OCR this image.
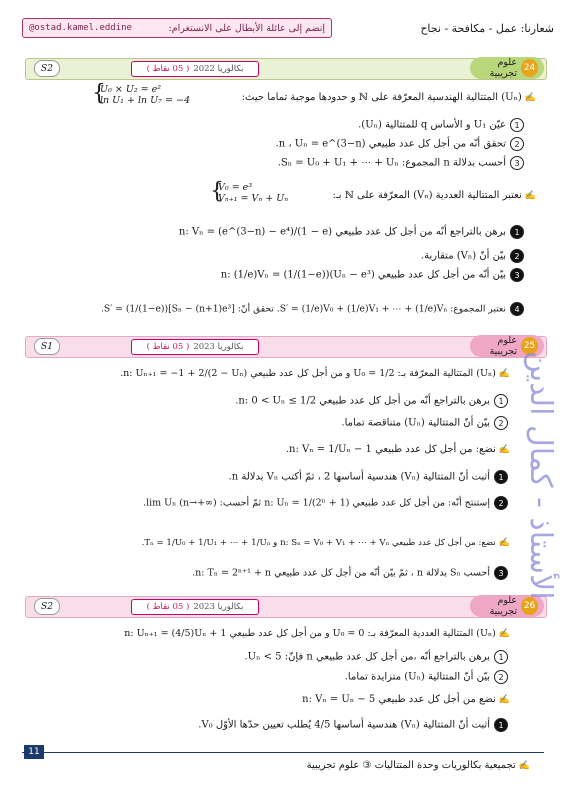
شعارنا: عمل - مكافحة - نجاح
@ostad.kamel.eddine	إنضم إلى عائلة الأبطال على الانستغرام:
24
علوم تجريبية
بكالوريا 2022
( 05 نقاط )
S2
✍(Uₙ) المتتالية الهندسية المعرّفة على ℕ و حدودها موجبة تماما حيث:
{
U₀ × U₂ = e²
ln U₁ + ln U₇ = −4
1عيّن U₁ و الأساس q للمتتالية (Uₙ).
2تحقق أنّه من أجل كل عدد طبيعي n ، Uₙ = e^(3−n).
3أحسب بدلالة n المجموع: Sₙ = U₀ + U₁ + ⋯ + Uₙ.
✍نعتبر المتتالية العددية (Vₙ) المعرّفة على ℕ بـ:
{
V₀ = e³
Vₙ₊₁ = Vₙ + Uₙ
1برهن بالتراجع أنّه من أجل كل عدد طبيعي n: Vₙ = (e^(3−n) − e⁴)/(1 − e)
2بيّن أنّ (Vₙ) متقاربة.
3بيّن أنّه من أجل كل عدد طبيعي n: (1/e)Vₙ = (1/(1−e))(Uₙ − e³)
4نعتبر المجموع: S′ = (1/e)V₀ + (1/e)V₁ + ⋯ + (1/e)Vₙ. تحقق أنّ: S′ = (1/(1−e))[Sₙ − (n+1)e³].
25
علوم تجريبية
بكالوريا 2023
( 05 نقاط )
S1
✍(Uₙ) المتتالية المعرّفة بـ: U₀ = 1/2 و من أجل كل عدد طبيعي n: Uₙ₊₁ = −1 + 2/(2 − Uₙ).
1برهن بالتراجع أنّه من أجل كل عدد طبيعي n: 0 < Uₙ ≤ 1/2.
2بيّن أنّ المتتالية (Uₙ) متناقصة تماما.
✍نضع: من أجل كل عدد طبيعي n: Vₙ = 1/Uₙ − 1.
1أثبت أنّ المتتالية (Vₙ) هندسية أساسها 2 ، ثمّ أكتب Vₙ بدلالة n.
2إستنتج أنّه: من أجل كل عدد طبيعي n: Uₙ = 1/(2ⁿ + 1) ثمّ أحسب: lim Uₙ (n→+∞).
✍نضع: من أجل كل عدد طبيعي n: Sₙ = V₀ + V₁ + ⋯ + Vₙ و Tₙ = 1/U₀ + 1/U₁ + ⋯ + 1/Uₙ.
3أحسب Sₙ بدلالة n ، ثمّ بيّن أنّه من أجل كل عدد طبيعي n: Tₙ = 2ⁿ⁺¹ + n.
26
علوم تجريبية
بكالوريا 2023
( 05 نقاط )
S2
✍(Uₙ) المتتالية العددية المعرّفة بـ: U₀ = 0 و من أجل كل عدد طبيعي n: Uₙ₊₁ = (4/5)Uₙ + 1
1برهن بالتراجع أنّه ،من أجل كل عدد طبيعي n فإنّ: Uₙ < 5.
2بيّن أنّ المتتالية (Uₙ) متزايدة تماما.
✍نضع من أجل كل عدد طبيعي n: Vₙ = Uₙ − 5
1أثبت أنّ المتتالية (Vₙ) هندسية أساسها 4/5 يُطلب تعيين حدّها الأوّل V₀.
الأستاذ - كمال الدين
11
✍تجميعية بكالوريات وحدة المتتاليات ③ علوم تجريبية
